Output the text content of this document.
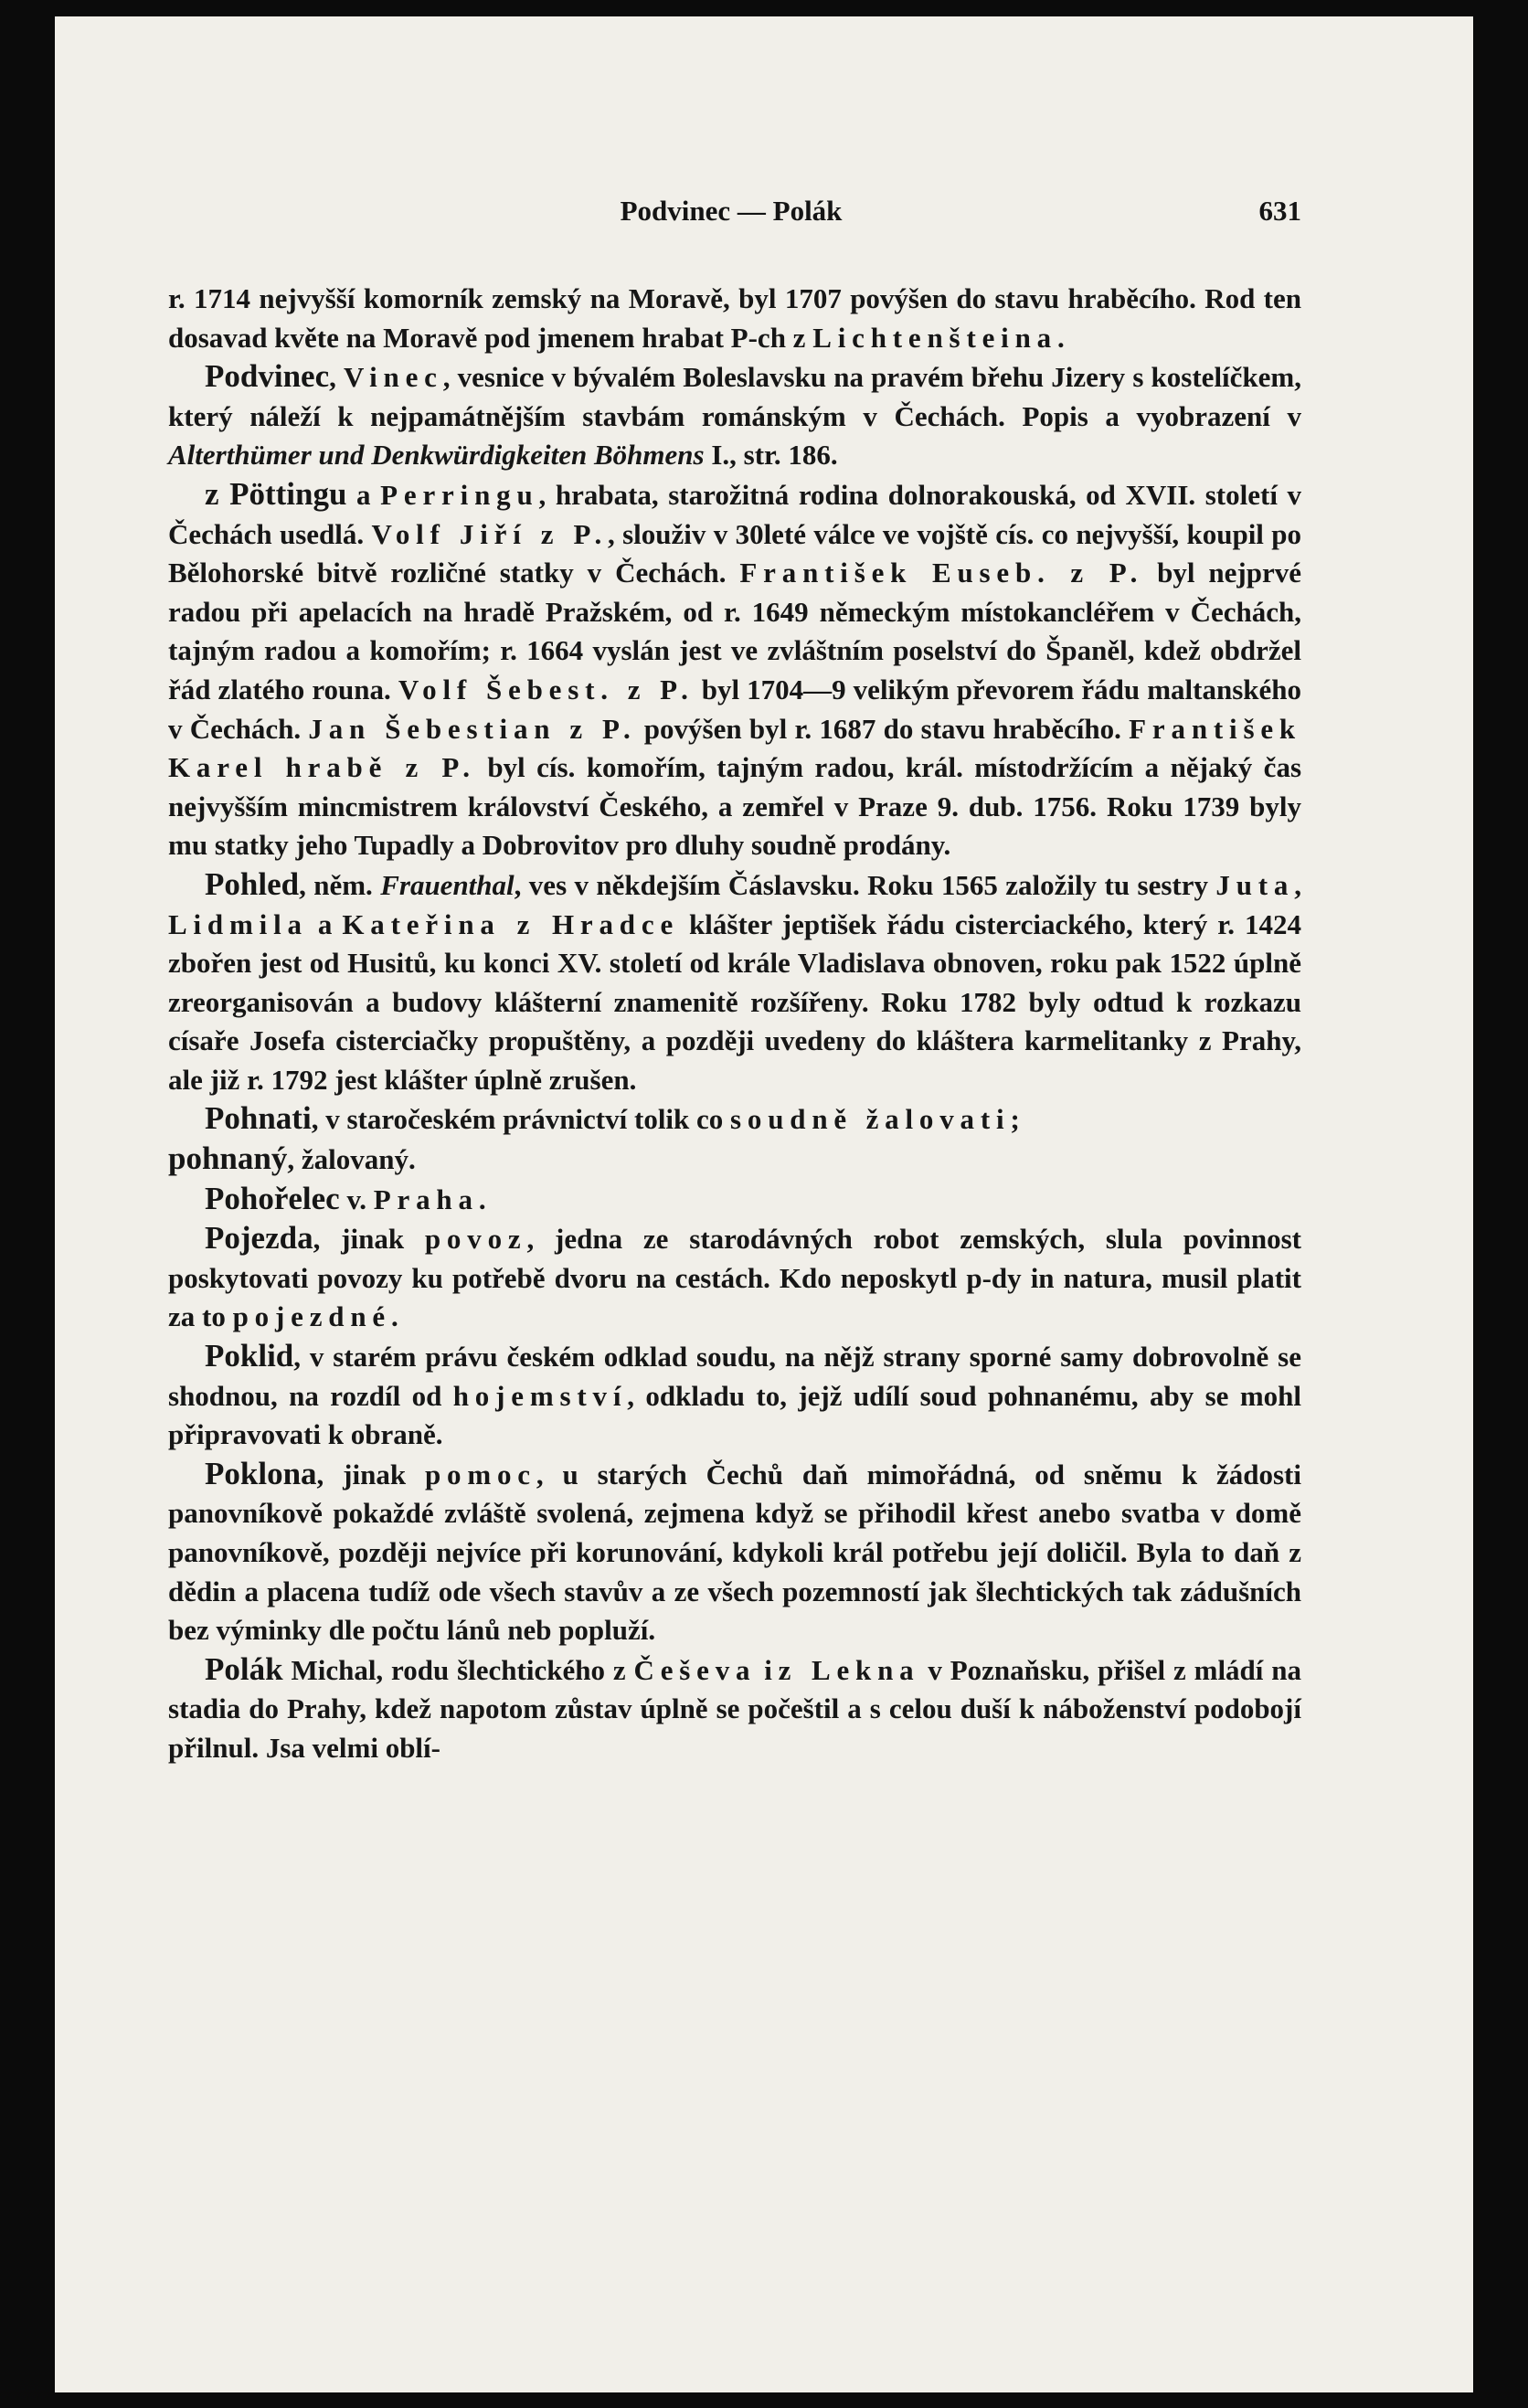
Podvinec — Polák	631

r. 1714 nejvyšší komorník zemský na Moravě, byl 1707 povýšen do stavu hraběcího. Rod ten dosavad květe na Moravě pod jmenem hrabat P-ch z Lichtenšteina.

Podvinec, Vinec, vesnice v bývalém Boleslavsku na pravém břehu Jizery s kostelíčkem, který náleží k nejpamátnějším stavbám románským v Čechách. Popis a vyobrazení v Alterthümer und Denkwürdigkeiten Böhmens I., str. 186.

z Pöttingu a Perringu, hrabata, starožitná rodina dolnorakouská, od XVII. století v Čechách usedlá. Volf Jiří z P., slouživ v 30leté válce ve vojště cís. co nejvyšší, koupil po Bělohorské bitvě rozličné statky v Čechách. František Euseb. z P. byl nejprvé radou při apelacích na hradě Pražském, od r. 1649 německým místokancléřem v Čechách, tajným radou a komořím; r. 1664 vyslán jest ve zvláštním poselství do Španěl, kdež obdržel řád zlatého rouna. Volf Šebest. z P. byl 1704—9 velikým převorem řádu maltanského v Čechách. Jan Šebestian z P. povýšen byl r. 1687 do stavu hraběcího. František Karel hrabě z P. byl cís. komořím, tajným radou, král. místodržícím a nějaký čas nejvyšším mincmistrem království Českého, a zemřel v Praze 9. dub. 1756. Roku 1739 byly mu statky jeho Tupadly a Dobrovitov pro dluhy soudně prodány.

Pohled, něm. Frauenthal, ves v někdejším Čáslavsku. Roku 1565 založily tu sestry Juta, Lidmila a Kateřina z Hradce klášter jeptišek řádu cisterciackého, který r. 1424 zbořen jest od Husitů, ku konci XV. století od krále Vladislava obnoven, roku pak 1522 úplně zreorganisován a budovy klášterní znamenitě rozšířeny. Roku 1782 byly odtud k rozkazu císaře Josefa cisterciačky propuštěny, a později uvedeny do kláštera karmelitanky z Prahy, ale již r. 1792 jest klášter úplně zrušen.

Pohnati, v staročeském právnictví tolik co soudně žalovati;
pohnaný, žalovaný.

Pohořelec v. Praha.

Pojezda, jinak povoz, jedna ze starodávných robot zemských, slula povinnost poskytovati povozy ku potřebě dvoru na cestách. Kdo neposkytl p-dy in natura, musil platit za to pojezdné.

Poklid, v starém právu českém odklad soudu, na nějž strany sporné samy dobrovolně se shodnou, na rozdíl od hojemství, odkladu to, jejž udílí soud pohnanému, aby se mohl připravovati k obraně.

Poklona, jinak pomoc, u starých Čechů daň mimořádná, od sněmu k žádosti panovníkově pokaždé zvláště svolená, zejmena když se přihodil křest anebo svatba v domě panovníkově, později nejvíce při korunování, kdykoli král potřebu její doličil. Byla to daň z dědin a placena tudíž ode všech stavův a ze všech pozemností jak šlechtických tak zádušních bez výminky dle počtu lánů neb popluží.

Polák Michal, rodu šlechtického z Češeva iz Lekna v Poznaňsku, přišel z mládí na stadia do Prahy, kdež napotom zůstav úplně se počeštil a s celou duší k náboženství podobojí přilnul. Jsa velmi oblí-
